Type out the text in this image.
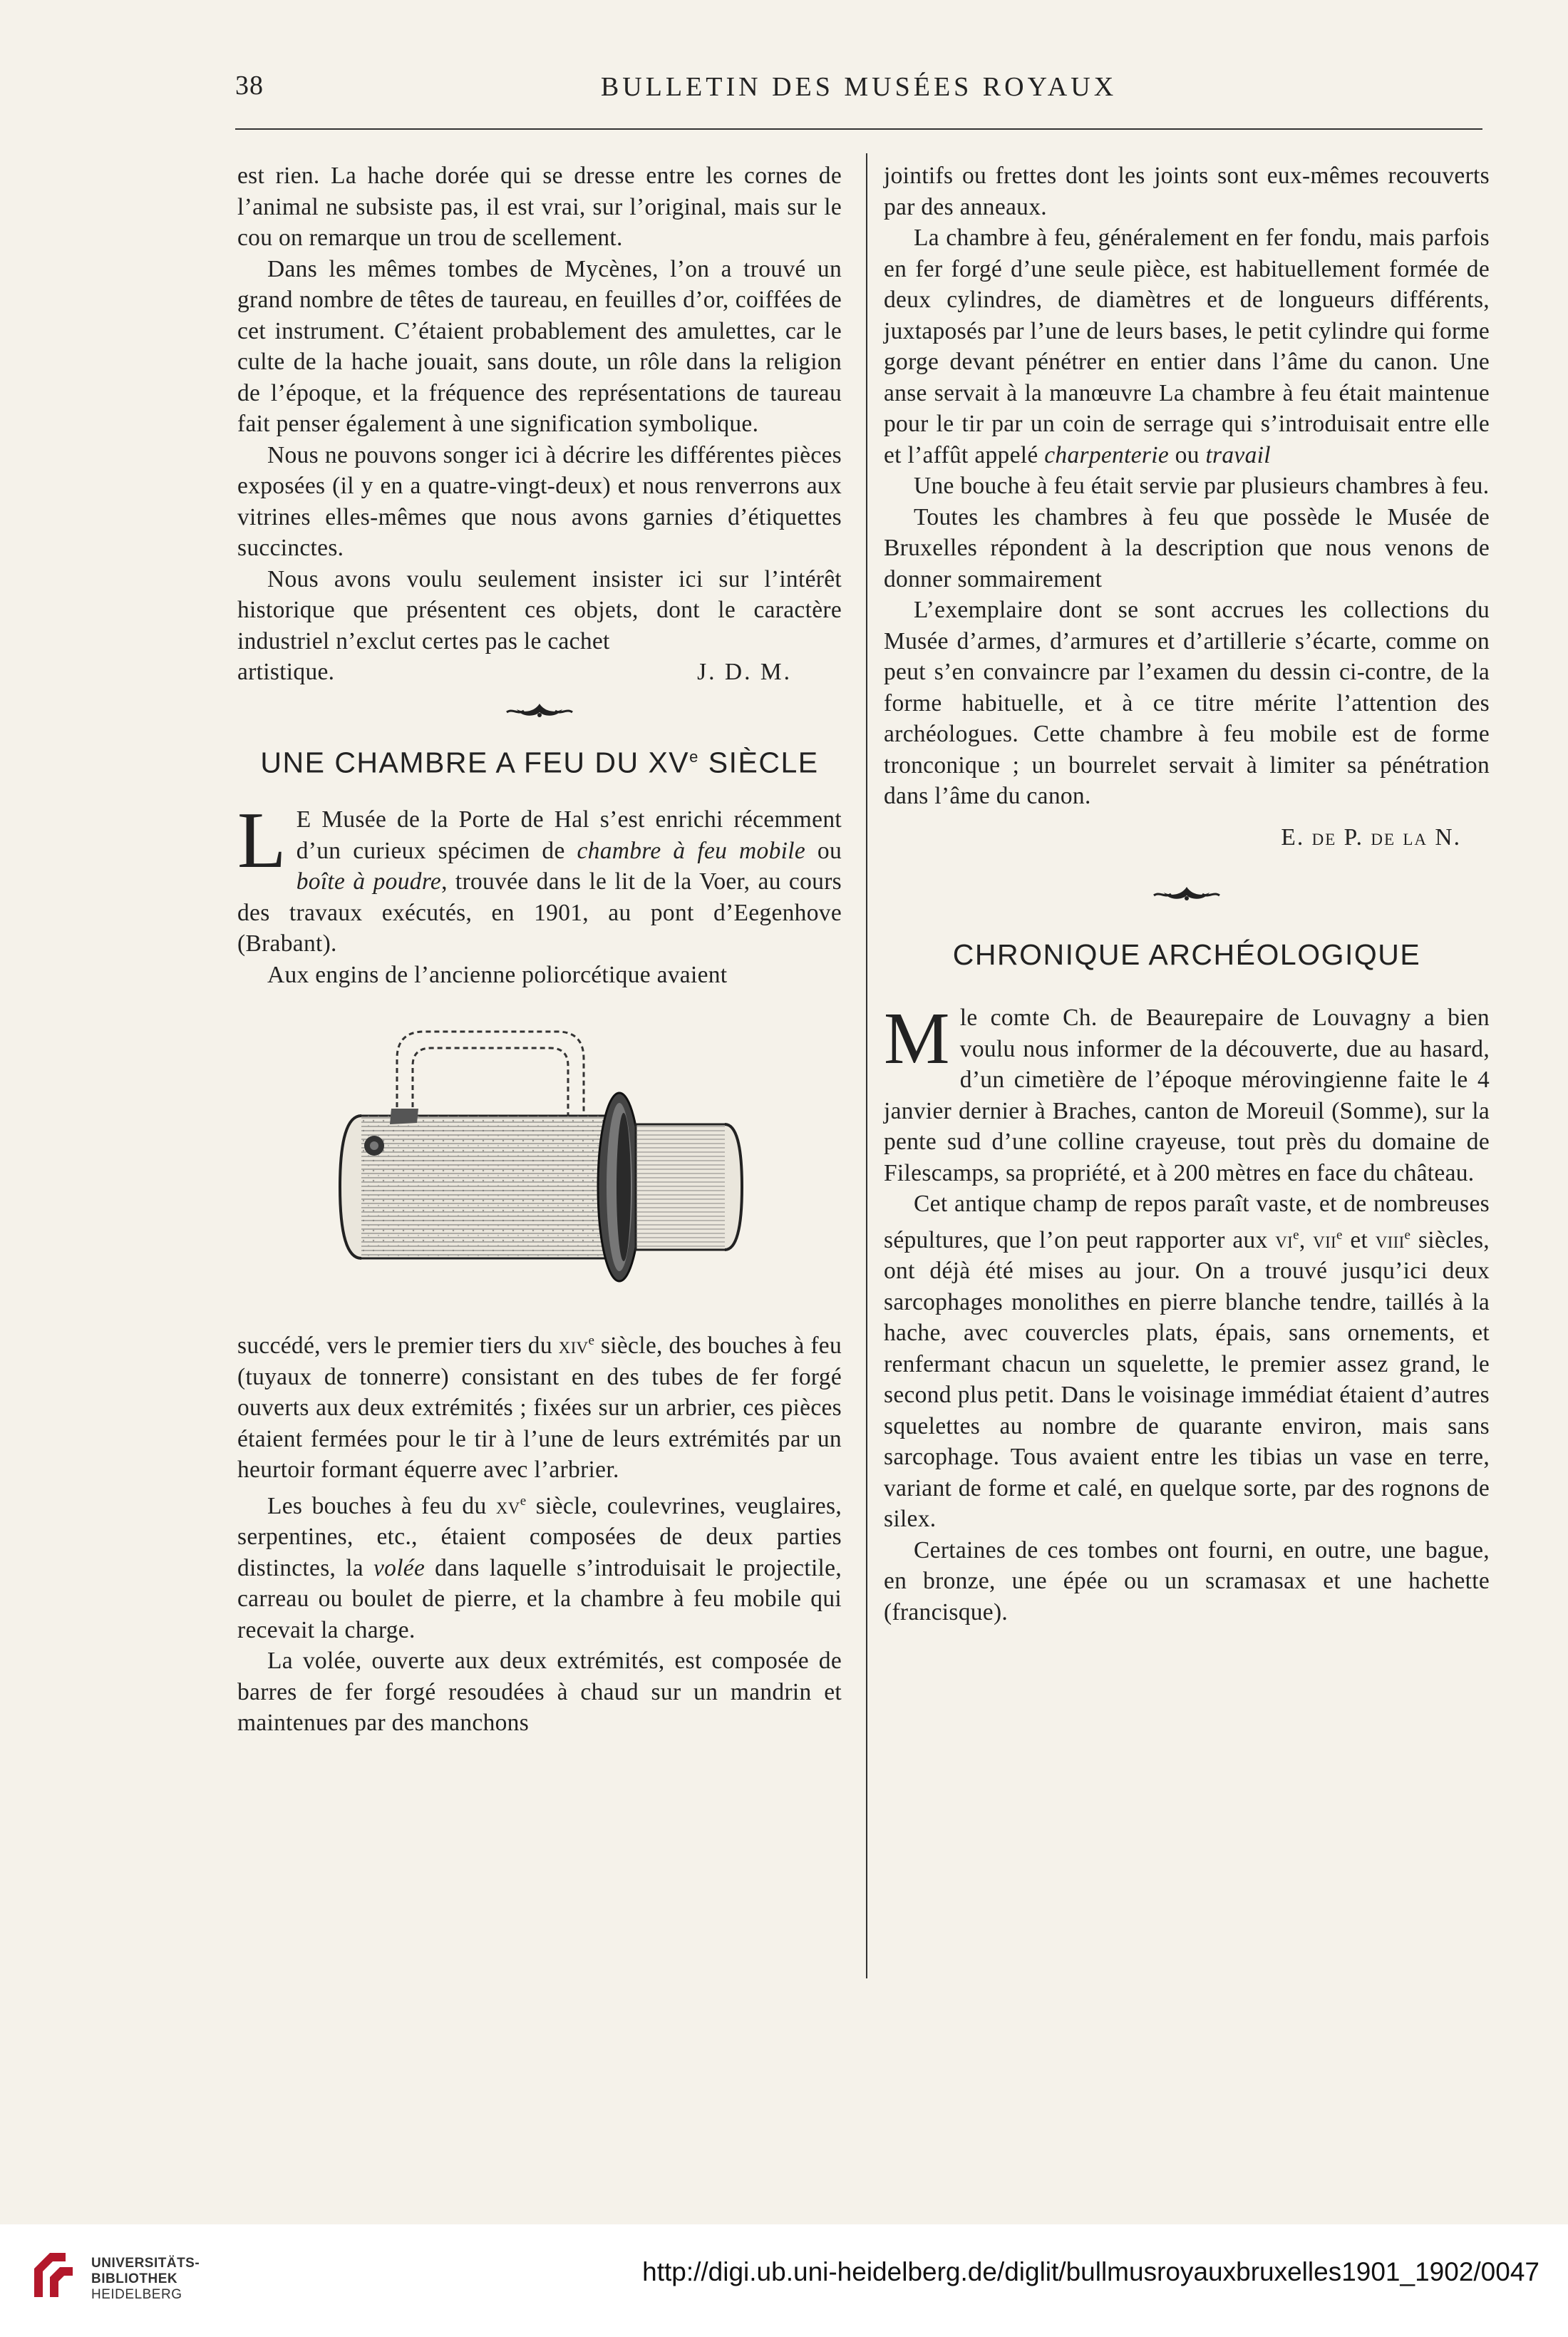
38	BULLETIN DES MUSÉES ROYAUX

est rien. La hache dorée qui se dresse entre les cornes de l’animal ne subsiste pas, il est vrai, sur l’original, mais sur le cou on remarque un trou de scellement.

Dans les mêmes tombes de Mycènes, l’on a trouvé un grand nombre de têtes de taureau, en feuilles d’or, coiffées de cet instrument. C’étaient probablement des amulettes, car le culte de la hache jouait, sans doute, un rôle dans la religion de l’époque, et la fréquence des représentations de taureau fait penser également à une signification symbolique.

Nous ne pouvons songer ici à décrire les différentes pièces exposées (il y en a quatre-vingt-deux) et nous renverrons aux vitrines elles-mêmes que nous avons garnies d’étiquettes succinctes.

Nous avons voulu seulement insister ici sur l’intérêt historique que présentent ces objets, dont le caractère industriel n’exclut certes pas le cachet

artistique.	J. D. M.
UNE CHAMBRE A FEU DU XVe SIÈCLE

L E Musée de la Porte de Hal s’est enrichi récemment d’un curieux spécimen de chambre à feu mobile ou boîte à poudre, trouvée dans le lit de la Voer, au cours des travaux exécutés, en 1901, au pont d’Eegenhove (Brabant).

Aux engins de l’ancienne poliorcétique avaient

succédé, vers le premier tiers du xiv$^e$ siècle, des bouches à feu (tuyaux de tonnerre) consistant en des tubes de fer forgé ouverts aux deux extrémités ; fixées sur un arbrier, ces pièces étaient fermées pour le tir à l’une de leurs extrémités par un heurtoir formant équerre avec l’arbrier.

Les bouches à feu du $xv^e$ siècle, coulevrines, veuglaires, serpentines, etc., étaient composées de deux parties distinctes, la volée dans laquelle s’introduisait le projectile, carreau ou boulet de pierre, et la chambre à feu mobile qui recevait la charge.

La volée, ouverte aux deux extrémités, est composée de barres de fer forgé resoudées à chaud sur un mandrin et maintenues par des manchons

jointifs ou frettes dont les joints sont eux-mêmes recouverts par des anneaux.

La chambre à feu, généralement en fer fondu, mais parfois en fer forgé d’une seule pièce, est habituellement formée de deux cylindres, de diamètres et de longueurs différents, juxtaposés par l’une de leurs bases, le petit cylindre qui forme gorge devant pénétrer en entier dans l’âme du canon. Une anse servait à la manœuvre La chambre à feu était maintenue pour le tir par un coin de serrage qui s’introduisait entre elle et l’affût appelé charpenterie ou travail

Une bouche à feu était servie par plusieurs chambres à feu.

Toutes les chambres à feu que possède le Musée de Bruxelles répondent à la description que nous venons de donner sommairement

L’exemplaire dont se sont accrues les collections du Musée d’armes, d’armures et d’artillerie s’écarte, comme on peut s’en convaincre par l’examen du dessin ci-contre, de la forme habituelle, et à ce titre mérite l’attention des archéologues. Cette chambre à feu mobile est de forme tronconique ; un bourrelet servait à limiter sa pénétration dans l’âme du canon.

E. de P. de la N.
CHRONIQUE ARCHÉOLOGIQUE

Mle comte Ch. de Beaurepaire de Louvagny a bien voulu nous informer de la découverte, due au hasard, d’un cimetière de l’époque mérovingienne faite le 4 janvier dernier à Braches, canton de Moreuil (Somme), sur la pente sud d’une colline crayeuse, tout près du domaine de Filescamps, sa propriété, et à 200 mètres en face du château.

Cet antique champ de repos paraît vaste, et de nombreuses sépultures, que l’on peut rapporter aux $vi^e$, vii$^e$ et viii$^e$ siècles, ont déjà été mises au jour. On a trouvé jusqu’ici deux sarcophages monolithes en pierre blanche tendre, taillés à la hache, avec couvercles plats, épais, sans ornements, et renfermant chacun un squelette, le premier assez grand, le second plus petit. Dans le voisinage immédiat étaient d’autres squelettes au nombre de quarante environ, mais sans sarcophage. Tous avaient entre les tibias un vase en terre, variant de forme et calé, en quelque sorte, par des rognons de silex.

Certaines de ces tombes ont fourni, en outre, une bague, en bronze, une épée ou un scramasax et une hachette (francisque).

UNIVERSITÄTS-
BIBLIOTHEK
HEIDELBERG
http://digi.ub.uni-heidelberg.de/diglit/bullmusroyauxbruxelles1901_1902/0047
